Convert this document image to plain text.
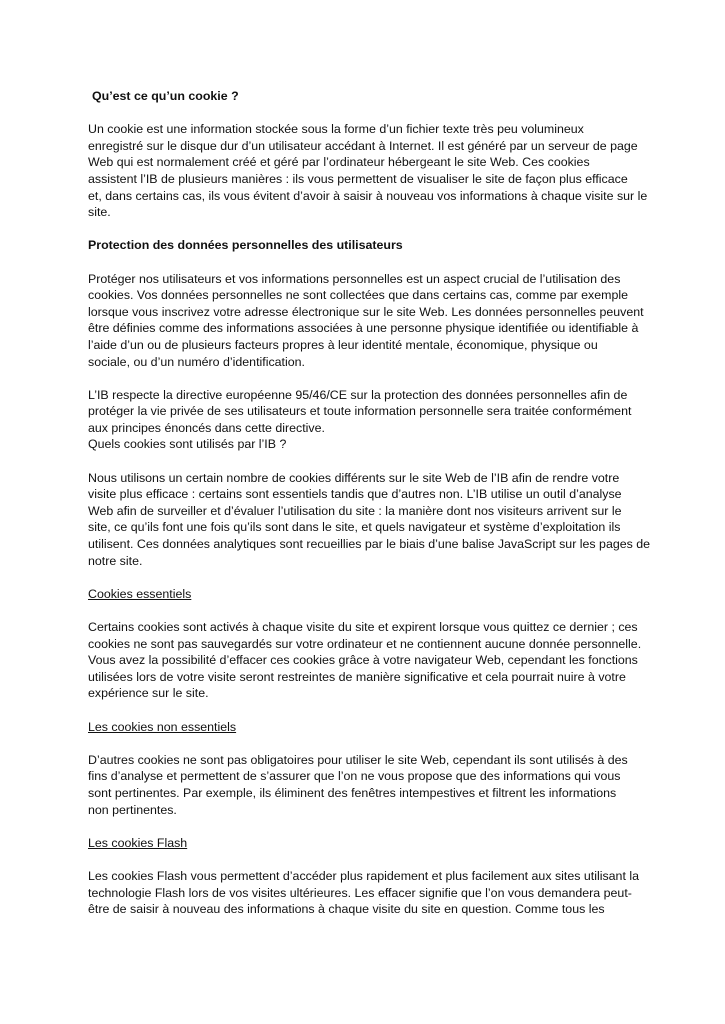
Qu’est ce qu’un cookie ?
Un cookie est une information stockée sous la forme d’un fichier texte très peu volumineux
enregistré sur le disque dur d’un utilisateur accédant à Internet. Il est généré par un serveur de page
Web qui est normalement créé et géré par l’ordinateur hébergeant le site Web. Ces cookies
assistent l’IB de plusieurs manières : ils vous permettent de visualiser le site de façon plus efficace
et, dans certains cas, ils vous évitent d’avoir à saisir à nouveau vos informations à chaque visite sur le
site.
Protection des données personnelles des utilisateurs
Protéger nos utilisateurs et vos informations personnelles est un aspect crucial de l’utilisation des
cookies. Vos données personnelles ne sont collectées que dans certains cas, comme par exemple
lorsque vous inscrivez votre adresse électronique sur le site Web. Les données personnelles peuvent
être définies comme des informations associées à une personne physique identifiée ou identifiable à
l’aide d’un ou de plusieurs facteurs propres à leur identité mentale, économique, physique ou
sociale, ou d’un numéro d’identification.
L’IB respecte la directive européenne 95/46/CE sur la protection des données personnelles afin de
protéger la vie privée de ses utilisateurs et toute information personnelle sera traitée conformément
aux principes énoncés dans cette directive.
Quels cookies sont utilisés par l’IB ?
Nous utilisons un certain nombre de cookies différents sur le site Web de l’IB afin de rendre votre
visite plus efficace : certains sont essentiels tandis que d’autres non. L’IB utilise un outil d’analyse
Web afin de surveiller et d’évaluer l’utilisation du site : la manière dont nos visiteurs arrivent sur le
site, ce qu’ils font une fois qu’ils sont dans le site, et quels navigateur et système d’exploitation ils
utilisent. Ces données analytiques sont recueillies par le biais d’une balise JavaScript sur les pages de
notre site.
Cookies essentiels
Certains cookies sont activés à chaque visite du site et expirent lorsque vous quittez ce dernier ; ces
cookies ne sont pas sauvegardés sur votre ordinateur et ne contiennent aucune donnée personnelle.
Vous avez la possibilité d’effacer ces cookies grâce à votre navigateur Web, cependant les fonctions
utilisées lors de votre visite seront restreintes de manière significative et cela pourrait nuire à votre
expérience sur le site.
Les cookies non essentiels
D’autres cookies ne sont pas obligatoires pour utiliser le site Web, cependant ils sont utilisés à des
fins d’analyse et permettent de s’assurer que l’on ne vous propose que des informations qui vous
sont pertinentes. Par exemple, ils éliminent des fenêtres intempestives et filtrent les informations
non pertinentes.
Les cookies Flash
Les cookies Flash vous permettent d’accéder plus rapidement et plus facilement aux sites utilisant la
technologie Flash lors de vos visites ultérieures. Les effacer signifie que l’on vous demandera peut-
être de saisir à nouveau des informations à chaque visite du site en question. Comme tous les
